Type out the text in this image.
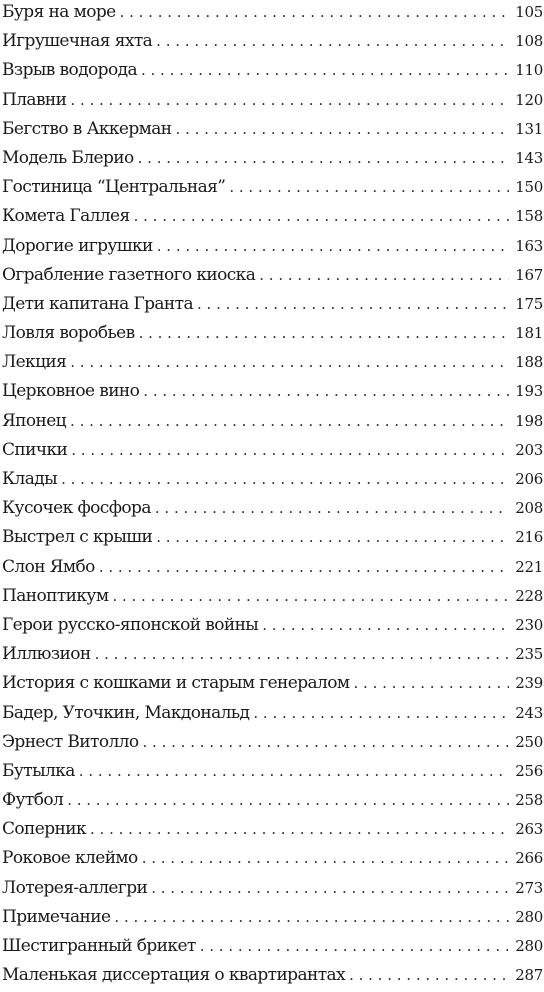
Буря на море . . .	105
Игрушечная яхта . . .	108
Взрыв водорода . . .	110
Плавни . . .	120
Бегство в Аккерман . . .	131
Модель Блерио . . .	143
Гостиница “Центральная” . . .	150
Комета Галлея . . .	158
Дорогие игрушки . . .	163
Ограбление газетного киоска . . .	167
Дети капитана Гранта . . .	175
Ловля воробьев . . .	181
Лекция . . .	188
Церковное вино . . .	193
Японец . . .	198
Спички . . .	203
Клады . . .	206
Кусочек фосфора . . .	208
Выстрел с крыши . . .	216
Слон Ямбо . . .	221
Паноптикум . . .	228
Герои русско-японской войны . . .	230
Иллюзион . . .	235
История с кошками и старым генералом . . .	239
Бадер, Уточкин, Макдональд . . .	243
Эрнест Витолло . . .	250
Бутылка . . .	256
Футбол . . .	258
Соперник . . .	263
Роковое клеймо . . .	266
Лотерея-аллегри . . .	273
Примечание . . .	280
Шестигранный брикет . . .	280
Маленькая диссертация о квартирантах . . .	287
